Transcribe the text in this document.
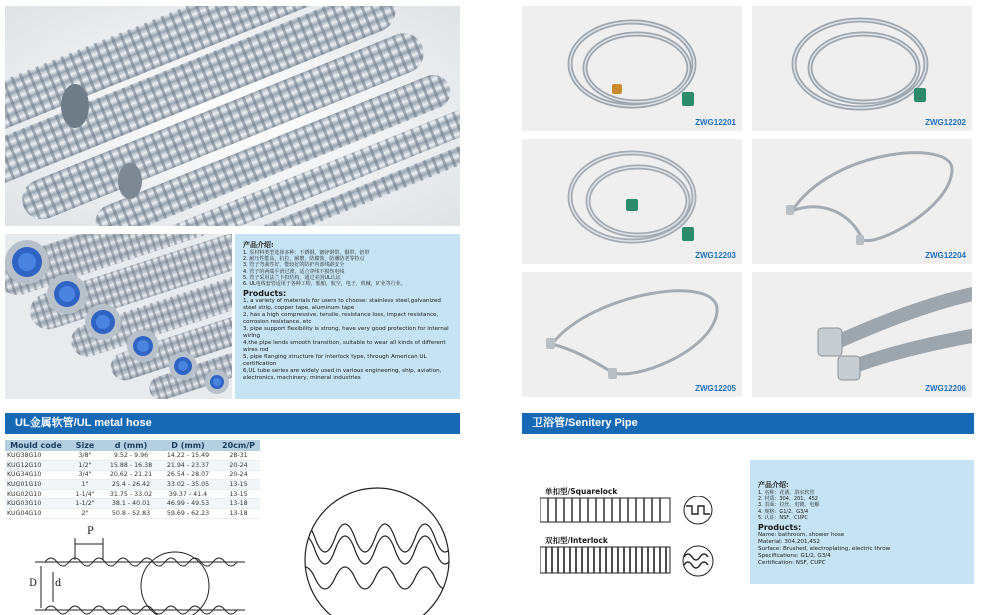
产品介绍:

1. 原材料类型选择多种：不锈钢、镀锌钢带、铜带、铝带

2. 耐压性能高，抗拉，耐磨，防腐蚀，防潮防老等特点

3. 管子弯曲性好，能较好的防护内部线路安全

4. 管子的两端平滑过渡，适合穿线不损伤电线

5. 管子采用法兰卡扣结构，通过美国UL认证

6. UL电线套管适用于各种工程，船舶，航空，电子，机械，矿业等行业。

Products:

1, a variety of materials for users to choose: stainless steel,galvanized steel strip, copper tape, aluminum tape

2, has a high compressive, tensile, resistance loss, impact resistance, corrosion resistance, etc

3, pipe support flexibility is strong, have very good protection for internal wiring

4,the pipe lends smooth transition, suitable to wear all kinds of different wires rod

5, pipe flanging structure for interlock type, through American UL certification

6,UL tube series are widely used in various engineering, ship, aviation, electronics, machinery, mineral industries

UL金属软管/UL metal hose
Mould code	Size	d (mm)	D (mm)	20cm/P
KUG38G10	3/8"	9.52 - 9.96	14.22 - 15.49	28-31
KUG12G10	1/2"	15.88 - 16.38	21.94 - 23.37	20-24
KUG34G10	3/4"	20.62 - 21.21	26.54 - 28.07	20-24
KUG01G10	1"	25.4 - 26.42	33.02 - 35.05	13-15
KUG02G10	1-1/4"	31.75 - 33.02	39.37 - 41.4	13-15
KUG03G10	1-1/2"	38.1 - 40.01	46.99 - 49.53	13-18
KUG04G10	2"	50.8 - 52.83	59.69 - 62.23	13-18
P
D d
ZWG12201	ZWG12202
ZWG12203	ZWG12204
ZWG12205	ZWG12206
卫浴管/Senitery Pipe
单扣型/Squarelock
双扣型/Interlock
产品介绍:

1. 名称：花洒、浴室软管

2. 材质：304、201、452

3. 表面：拉丝、电镀、电解

4. 规格：G1/2、G3/4

5. 认证：NSF、CUPC

Products:

Name: bathroom, shower hose

Material: 304,201,452

Surface: Brushed, electroplating, electric throw

Specifications: G1/2, G3/4

Certification: NSF, CUPC
